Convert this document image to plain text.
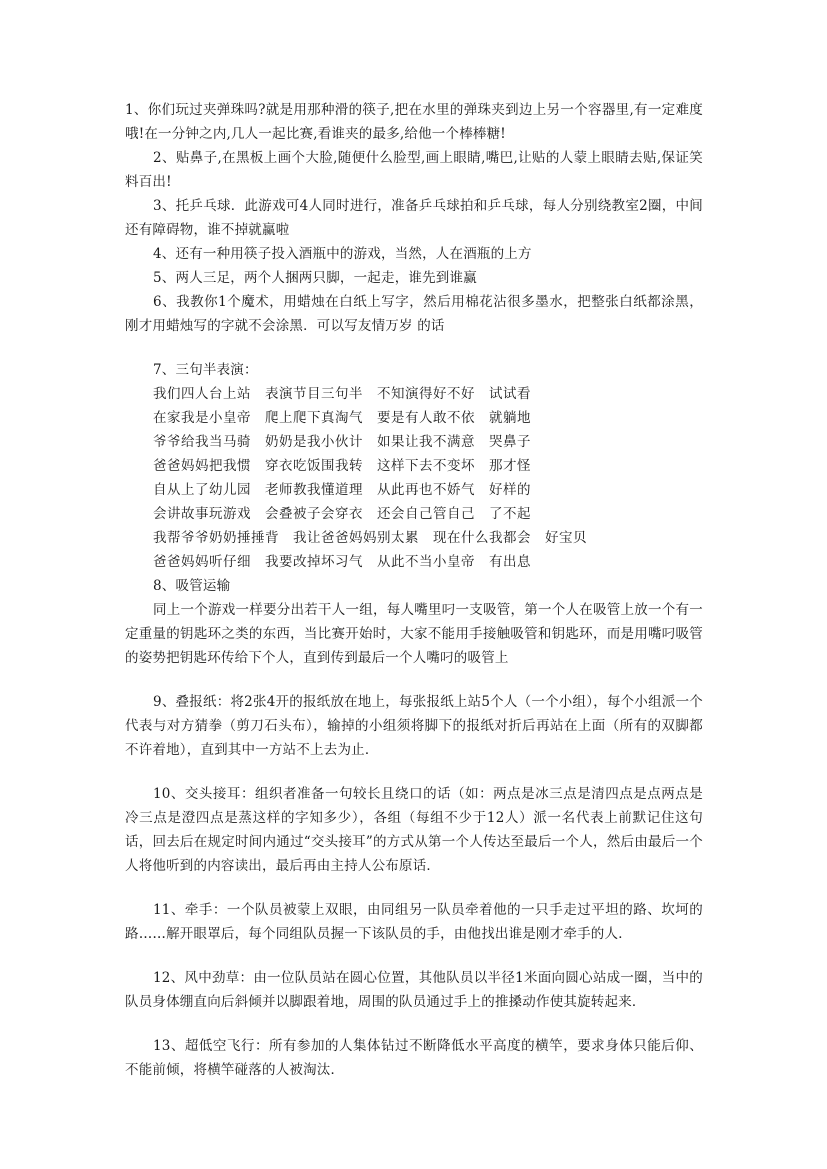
1、你们玩过夹弹珠吗?就是用那种滑的筷子,把在水里的弹珠夹到边上另一个容器里,有一定难度哦!在一分钟之内,几人一起比赛,看谁夹的最多,给他一个棒棒糖!

2、贴鼻子,在黑板上画个大脸,随便什么脸型,画上眼睛,嘴巴,让贴的人蒙上眼睛去贴,保证笑料百出!

3、托乒乓球．此游戏可4人同时进行，准备乒乓球拍和乒乓球，每人分别绕教室2圈，中间还有障碍物，谁不掉就赢啦

4、还有一种用筷子投入酒瓶中的游戏，当然，人在酒瓶的上方

5、两人三足，两个人捆两只脚，一起走，谁先到谁赢

6、我教你1个魔术，用蜡烛在白纸上写字，然后用棉花沾很多墨水，把整张白纸都涂黑，刚才用蜡烛写的字就不会涂黑．可以写友情万岁 的话

7、三句半表演：

我们四人台上站　表演节目三句半　不知演得好不好　试试看

在家我是小皇帝　爬上爬下真淘气　要是有人敢不依　就躺地

爷爷给我当马骑　奶奶是我小伙计　如果让我不满意　哭鼻子

爸爸妈妈把我惯　穿衣吃饭围我转　这样下去不变坏　那才怪

自从上了幼儿园　老师教我懂道理　从此再也不娇气　好样的

会讲故事玩游戏　会叠被子会穿衣　还会自己管自己　了不起

我帮爷爷奶奶捶捶背　我让爸爸妈妈别太累　现在什么我都会　好宝贝

爸爸妈妈听仔细　我要改掉坏习气　从此不当小皇帝　有出息

8、吸管运输

同上一个游戏一样要分出若干人一组，每人嘴里叼一支吸管，第一个人在吸管上放一个有一定重量的钥匙环之类的东西，当比赛开始时，大家不能用手接触吸管和钥匙环，而是用嘴叼吸管的姿势把钥匙环传给下个人，直到传到最后一个人嘴叼的吸管上

9、叠报纸：将2张4开的报纸放在地上，每张报纸上站5个人（一个小组），每个小组派一个代表与对方猜拳（剪刀石头布），输掉的小组须将脚下的报纸对折后再站在上面（所有的双脚都不许着地），直到其中一方站不上去为止．

10、交头接耳：组织者准备一句较长且绕口的话（如：两点是冰三点是清四点是点两点是冷三点是澄四点是蒸这样的字知多少），各组（每组不少于12人）派一名代表上前默记住这句话，回去后在规定时间内通过“交头接耳”的方式从第一个人传达至最后一个人，然后由最后一个人将他听到的内容读出，最后再由主持人公布原话．

11、牵手：一个队员被蒙上双眼，由同组另一队员牵着他的一只手走过平坦的路、坎坷的路……解开眼罩后，每个同组队员握一下该队员的手，由他找出谁是刚才牵手的人．

12、风中劲草：由一位队员站在圆心位置，其他队员以半径1米面向圆心站成一圈，当中的队员身体绷直向后斜倾并以脚跟着地，周围的队员通过手上的推搡动作使其旋转起来．

13、超低空飞行：所有参加的人集体钻过不断降低水平高度的横竿，要求身体只能后仰、不能前倾，将横竿碰落的人被淘汰．
